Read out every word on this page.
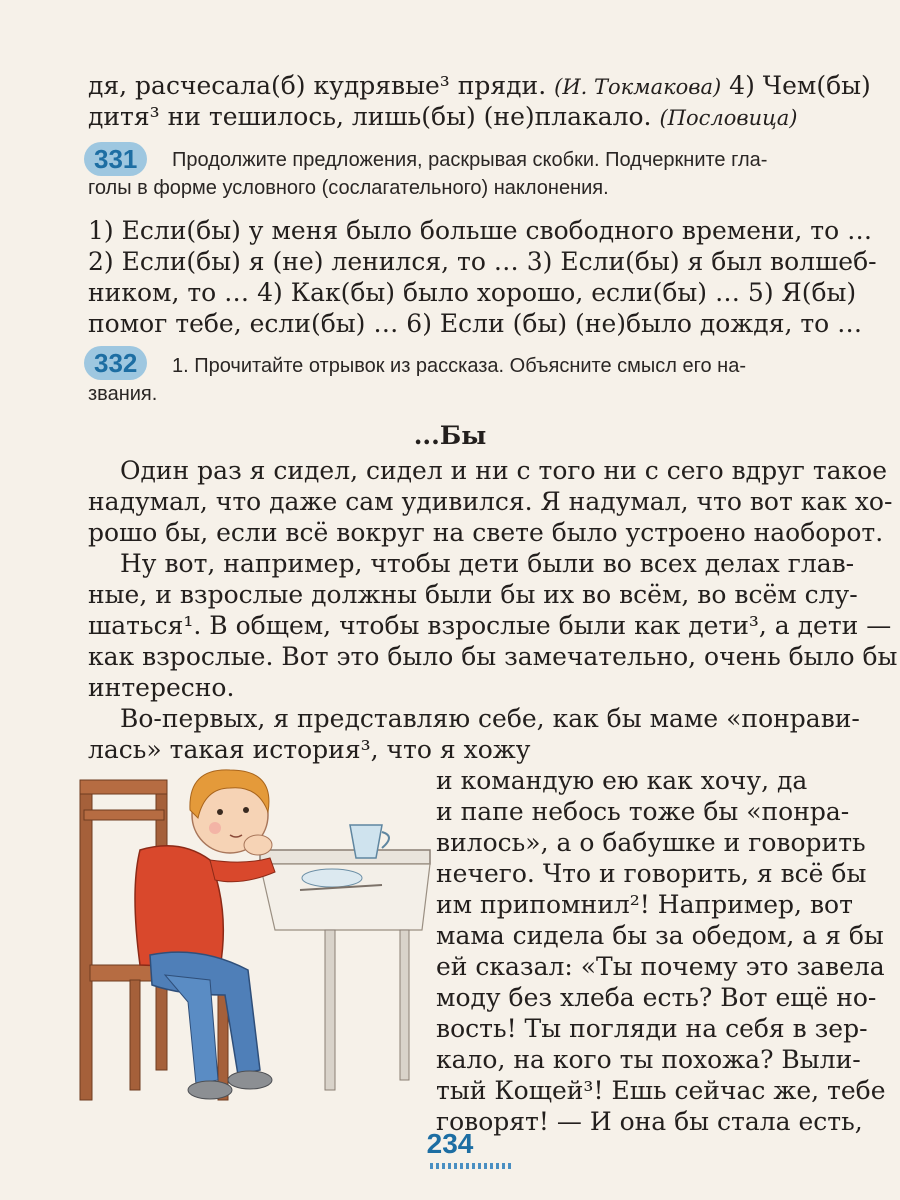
дя, расчесала(б) кудрявые³ пряди. (И. Токмакова) 4) Чем(бы)
дитя³ ни тешилось, лишь(бы) (не)плакало. (Пословица)
331	Продолжите предложения, раскрывая скобки. Подчеркните гла-
голы в форме условного (сослагательного) наклонения.
1) Если(бы) у меня было больше свободного времени, то …
2) Если(бы) я (не) ленился, то … 3) Если(бы) я был волшеб-
ником, то … 4) Как(бы) было хорошо, если(бы) … 5) Я(бы)
помог тебе, если(бы) … 6) Если (бы) (не)было дождя, то …
332	1. Прочитайте отрывок из рассказа. Объясните смысл его на-
звания.
...Бы
Один раз я сидел, сидел и ни с того ни с сего вдруг такое
надумал, что даже сам удивился. Я надумал, что вот как хо-
рошо бы, если всё вокруг на свете было устроено наоборот.
Ну вот, например, чтобы дети были во всех делах глав-
ные, и взрослые должны были бы их во всём, во всём слу-
шаться¹. В общем, чтобы взрослые были как дети³, а дети —
как взрослые. Вот это было бы замечательно, очень было бы
интересно.
Во-первых, я представляю себе, как бы маме «понрави-
лась» такая история³, что я хожу
и командую ею как хочу, да
и папе небось тоже бы «понра-
вилось», а о бабушке и говорить
нечего. Что и говорить, я всё бы
им припомнил²! Например, вот
мама сидела бы за обедом, а я бы
ей сказал: «Ты почему это завела
моду без хлеба есть? Вот ещё но-
вость! Ты погляди на себя в зер-
кало, на кого ты похожа? Выли-
тый Кощей³! Ешь сейчас же, тебе
говорят! — И она бы стала есть,
234
